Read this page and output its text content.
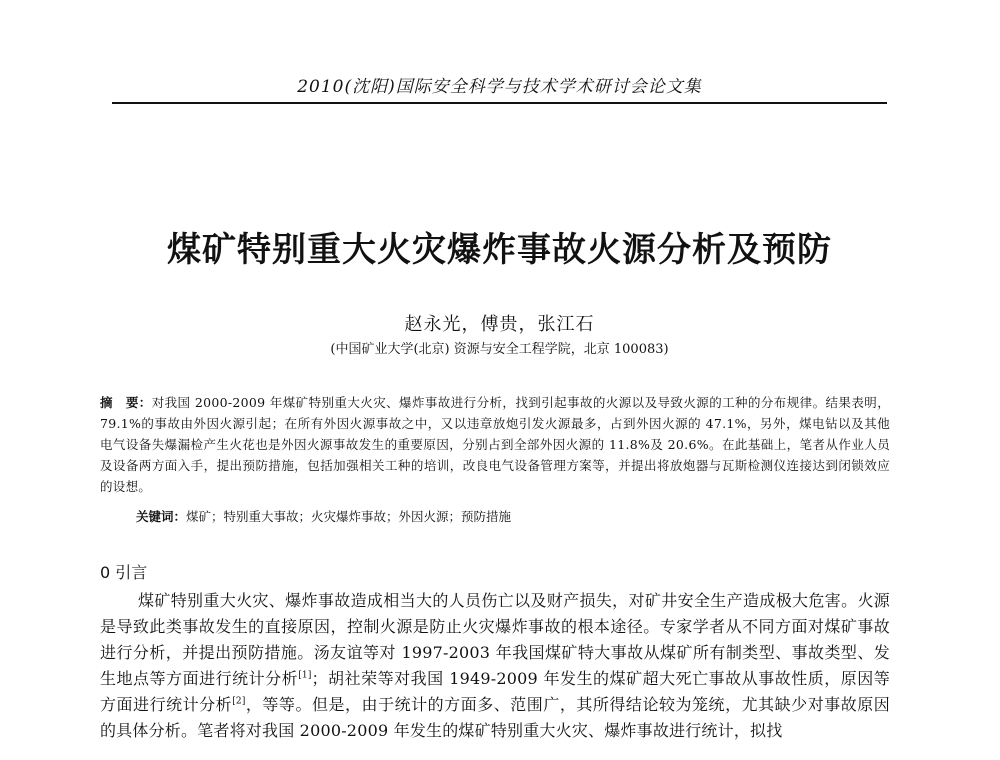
2010(沈阳)国际安全科学与技术学术研讨会论文集
煤矿特别重大火灾爆炸事故火源分析及预防
赵永光，傅贵，张江石
(中国矿业大学(北京) 资源与安全工程学院，北京 100083)
摘　要：对我国 2000-2009 年煤矿特别重大火灾、爆炸事故进行分析，找到引起事故的火源以及导致火源的工种的分布规律。结果表明，79.1%的事故由外因火源引起；在所有外因火源事故之中，又以违章放炮引发火源最多，占到外因火源的 47.1%，另外，煤电钻以及其他电气设备失爆漏检产生火花也是外因火源事故发生的重要原因，分别占到全部外因火源的 11.8%及 20.6%。在此基础上，笔者从作业人员及设备两方面入手，提出预防措施，包括加强相关工种的培训，改良电气设备管理方案等，并提出将放炮器与瓦斯检测仪连接达到闭锁效应的设想。
关键词：煤矿；特别重大事故；火灾爆炸事故；外因火源；预防措施
0 引言
煤矿特别重大火灾、爆炸事故造成相当大的人员伤亡以及财产损失，对矿井安全生产造成极大危害。火源是导致此类事故发生的直接原因，控制火源是防止火灾爆炸事故的根本途径。专家学者从不同方面对煤矿事故进行分析，并提出预防措施。汤友谊等对 1997-2003 年我国煤矿特大事故从煤矿所有制类型、事故类型、发生地点等方面进行统计分析[1]；胡社荣等对我国 1949-2009 年发生的煤矿超大死亡事故从事故性质，原因等方面进行统计分析[2]，等等。但是，由于统计的方面多、范围广，其所得结论较为笼统，尤其缺少对事故原因的具体分析。笔者将对我国 2000-2009 年发生的煤矿特别重大火灾、爆炸事故进行统计，拟找
